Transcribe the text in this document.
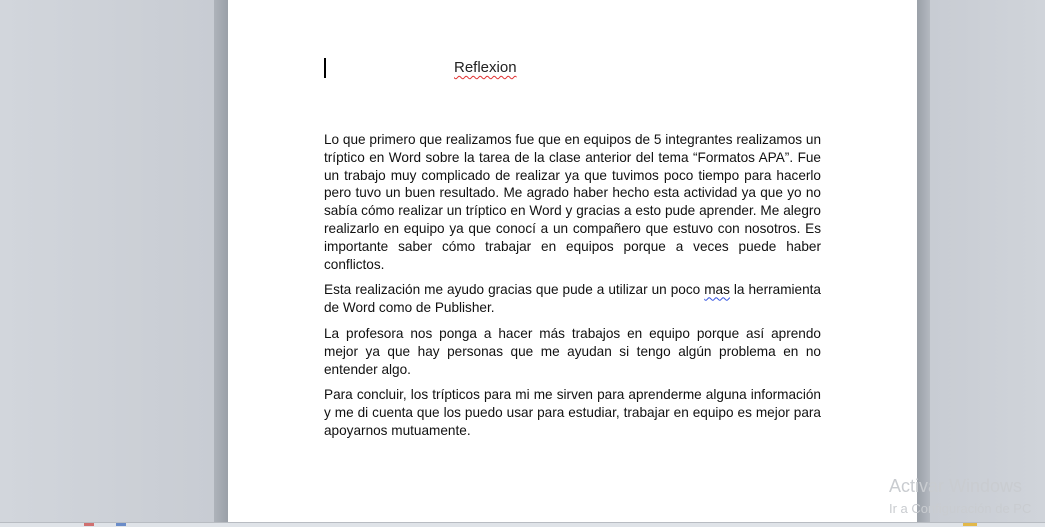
Reflexion

Lo que primero que realizamos fue que en equipos de 5 integrantes realizamos un tríptico en Word sobre la tarea de la clase anterior del tema “Formatos APA”. Fue un trabajo muy complicado de realizar ya que tuvimos poco tiempo para hacerlo pero tuvo un buen resultado. Me agrado haber hecho esta actividad ya que yo no sabía cómo realizar un tríptico en Word y gracias a esto pude aprender. Me alegro realizarlo en equipo ya que conocí a un compañero que estuvo con nosotros. Es importante saber cómo trabajar en equipos porque a veces puede haber conflictos.

Esta realización me ayudo gracias que pude a utilizar un poco mas la herramienta de Word como de Publisher.

La profesora nos ponga a hacer más trabajos en equipo porque así aprendo mejor ya que hay personas que me ayudan si tengo algún problema en no entender algo.

Para concluir, los trípticos para mi me sirven para aprenderme alguna información y me di cuenta que los puedo usar para estudiar, trabajar en equipo es mejor para apoyarnos mutuamente.

Activar Windows
Ir a Configuración de PC
